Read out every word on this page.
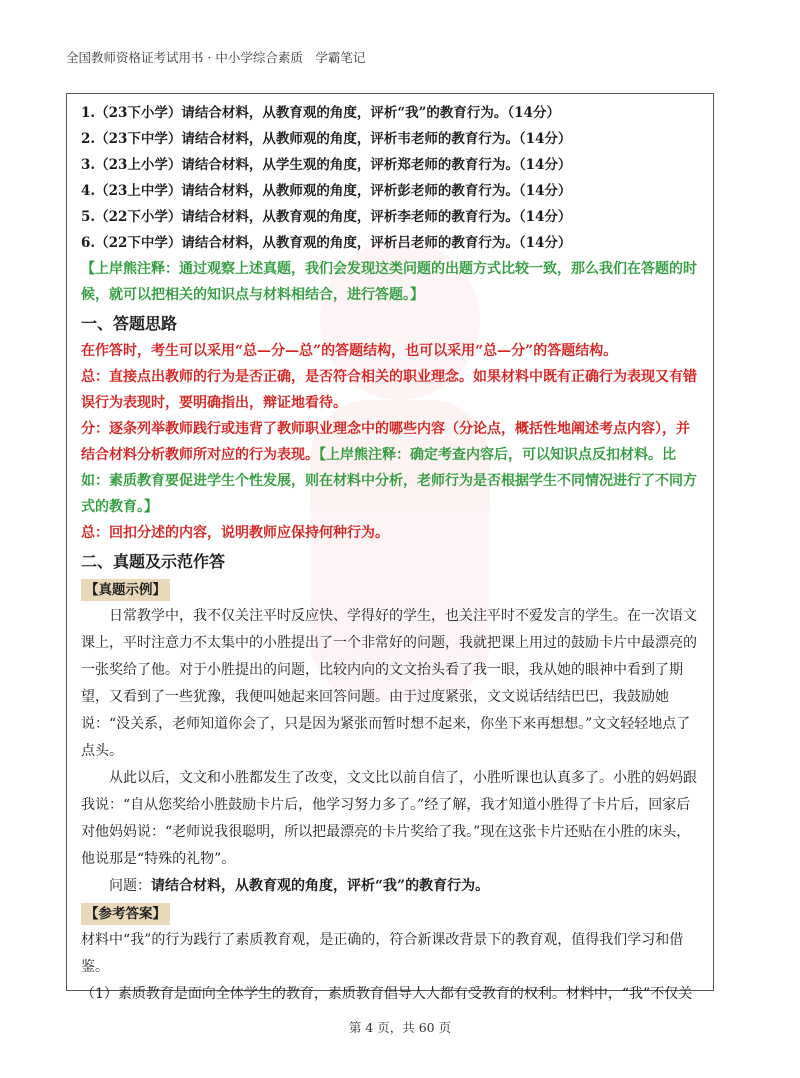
全国教师资格证考试用书 · 中小学综合素质　学霸笔记
1.（23下小学）请结合材料，从教育观的角度，评析“我”的教育行为。（14分）
2.（23下中学）请结合材料，从教师观的角度，评析韦老师的教育行为。（14分）
3.（23上小学）请结合材料，从学生观的角度，评析郑老师的教育行为。（14分）
4.（23上中学）请结合材料，从教师观的角度，评析彭老师的教育行为。（14分）
5.（22下小学）请结合材料，从教育观的角度，评析李老师的教育行为。（14分）
6.（22下中学）请结合材料，从教育观的角度，评析吕老师的教育行为。（14分）
【上岸熊注释：通过观察上述真题，我们会发现这类问题的出题方式比较一致，那么我们在答题的时候，就可以把相关的知识点与材料相结合，进行答题。】
一、答题思路
在作答时，考生可以采用“总—分—总”的答题结构，也可以采用“总—分”的答题结构。
总：直接点出教师的行为是否正确，是否符合相关的职业理念。如果材料中既有正确行为表现又有错误行为表现时，要明确指出，辩证地看待。
分：逐条列举教师践行或违背了教师职业理念中的哪些内容（分论点，概括性地阐述考点内容），并结合材料分析教师所对应的行为表现。【上岸熊注释：确定考查内容后，可以知识点反扣材料。比如：素质教育要促进学生个性发展，则在材料中分析，老师行为是否根据学生不同情况进行了不同方式的教育。】
总：回扣分述的内容，说明教师应保持何种行为。
二、真题及示范作答
【真题示例】

日常教学中，我不仅关注平时反应快、学得好的学生，也关注平时不爱发言的学生。在一次语文课上，平时注意力不太集中的小胜提出了一个非常好的问题，我就把课上用过的鼓励卡片中最漂亮的一张奖给了他。对于小胜提出的问题，比较内向的文文抬头看了我一眼，我从她的眼神中看到了期望，又看到了一些犹豫，我便叫她起来回答问题。由于过度紧张，文文说话结结巴巴，我鼓励她说：“没关系，老师知道你会了，只是因为紧张而暂时想不起来，你坐下来再想想。”文文轻轻地点了点头。

从此以后，文文和小胜都发生了改变，文文比以前自信了，小胜听课也认真多了。小胜的妈妈跟我说：“自从您奖给小胜鼓励卡片后，他学习努力多了。”经了解，我才知道小胜得了卡片后，回家后对他妈妈说：“老师说我很聪明，所以把最漂亮的卡片奖给了我。”现在这张卡片还贴在小胜的床头，他说那是“特殊的礼物”。

问题：请结合材料，从教育观的角度，评析“我”的教育行为。
【参考答案】

材料中“我”的行为践行了素质教育观，是正确的，符合新课改背景下的教育观，值得我们学习和借鉴。

（1）素质教育是面向全体学生的教育，素质教育倡导人人都有受教育的权利。材料中，“我”不仅关

第 4 页，共 60 页
